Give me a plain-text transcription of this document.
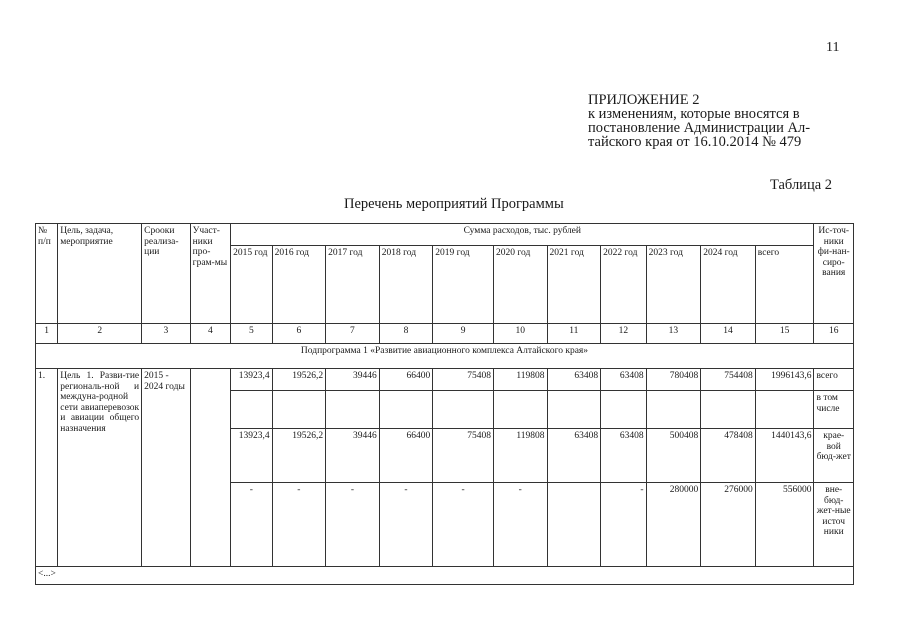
11
ПРИЛОЖЕНИЕ 2
к изменениям, которые вносятся в
постановление Администрации Ал-
тайского края от 16.10.2014 № 479
Таблица 2
Перечень мероприятий Программы
№ п/п	Цель, задача, мероприятие	Срооки реализа-ции	Участ-ники про-грам-мы	Сумма расходов, тыс. рублей											Ис-точ-ники фи-нан-сиро-вания
				2015 год	2016 год	2017 год	2018 год	2019 год	2020 год	2021 год	2022 год	2023 год	2024 год	всего	
1	2	3	4	5	6	7	8	9	10	11	12	13	14	15	16
Подпрограмма 1 «Развитие авиационного комплекса Алтайского края»															
1.	Цель 1. Разви-тие региональ-ной и междуна-родной сети авиаперевозок и авиации общего назначения	2015 - 2024 годы		13923,4	19526,2	39446	66400	75408	119808	63408	63408	780408	754408	1996143,6	всего
															в том числе
				13923,4	19526,2	39446	66400	75408	119808	63408	63408	500408	478408	1440143,6	крае-вой бюд-жет
				-	-	-	-	-	-		-	280000	276000	556000	вне-бюд-жет-ные источ ники
<...>															
